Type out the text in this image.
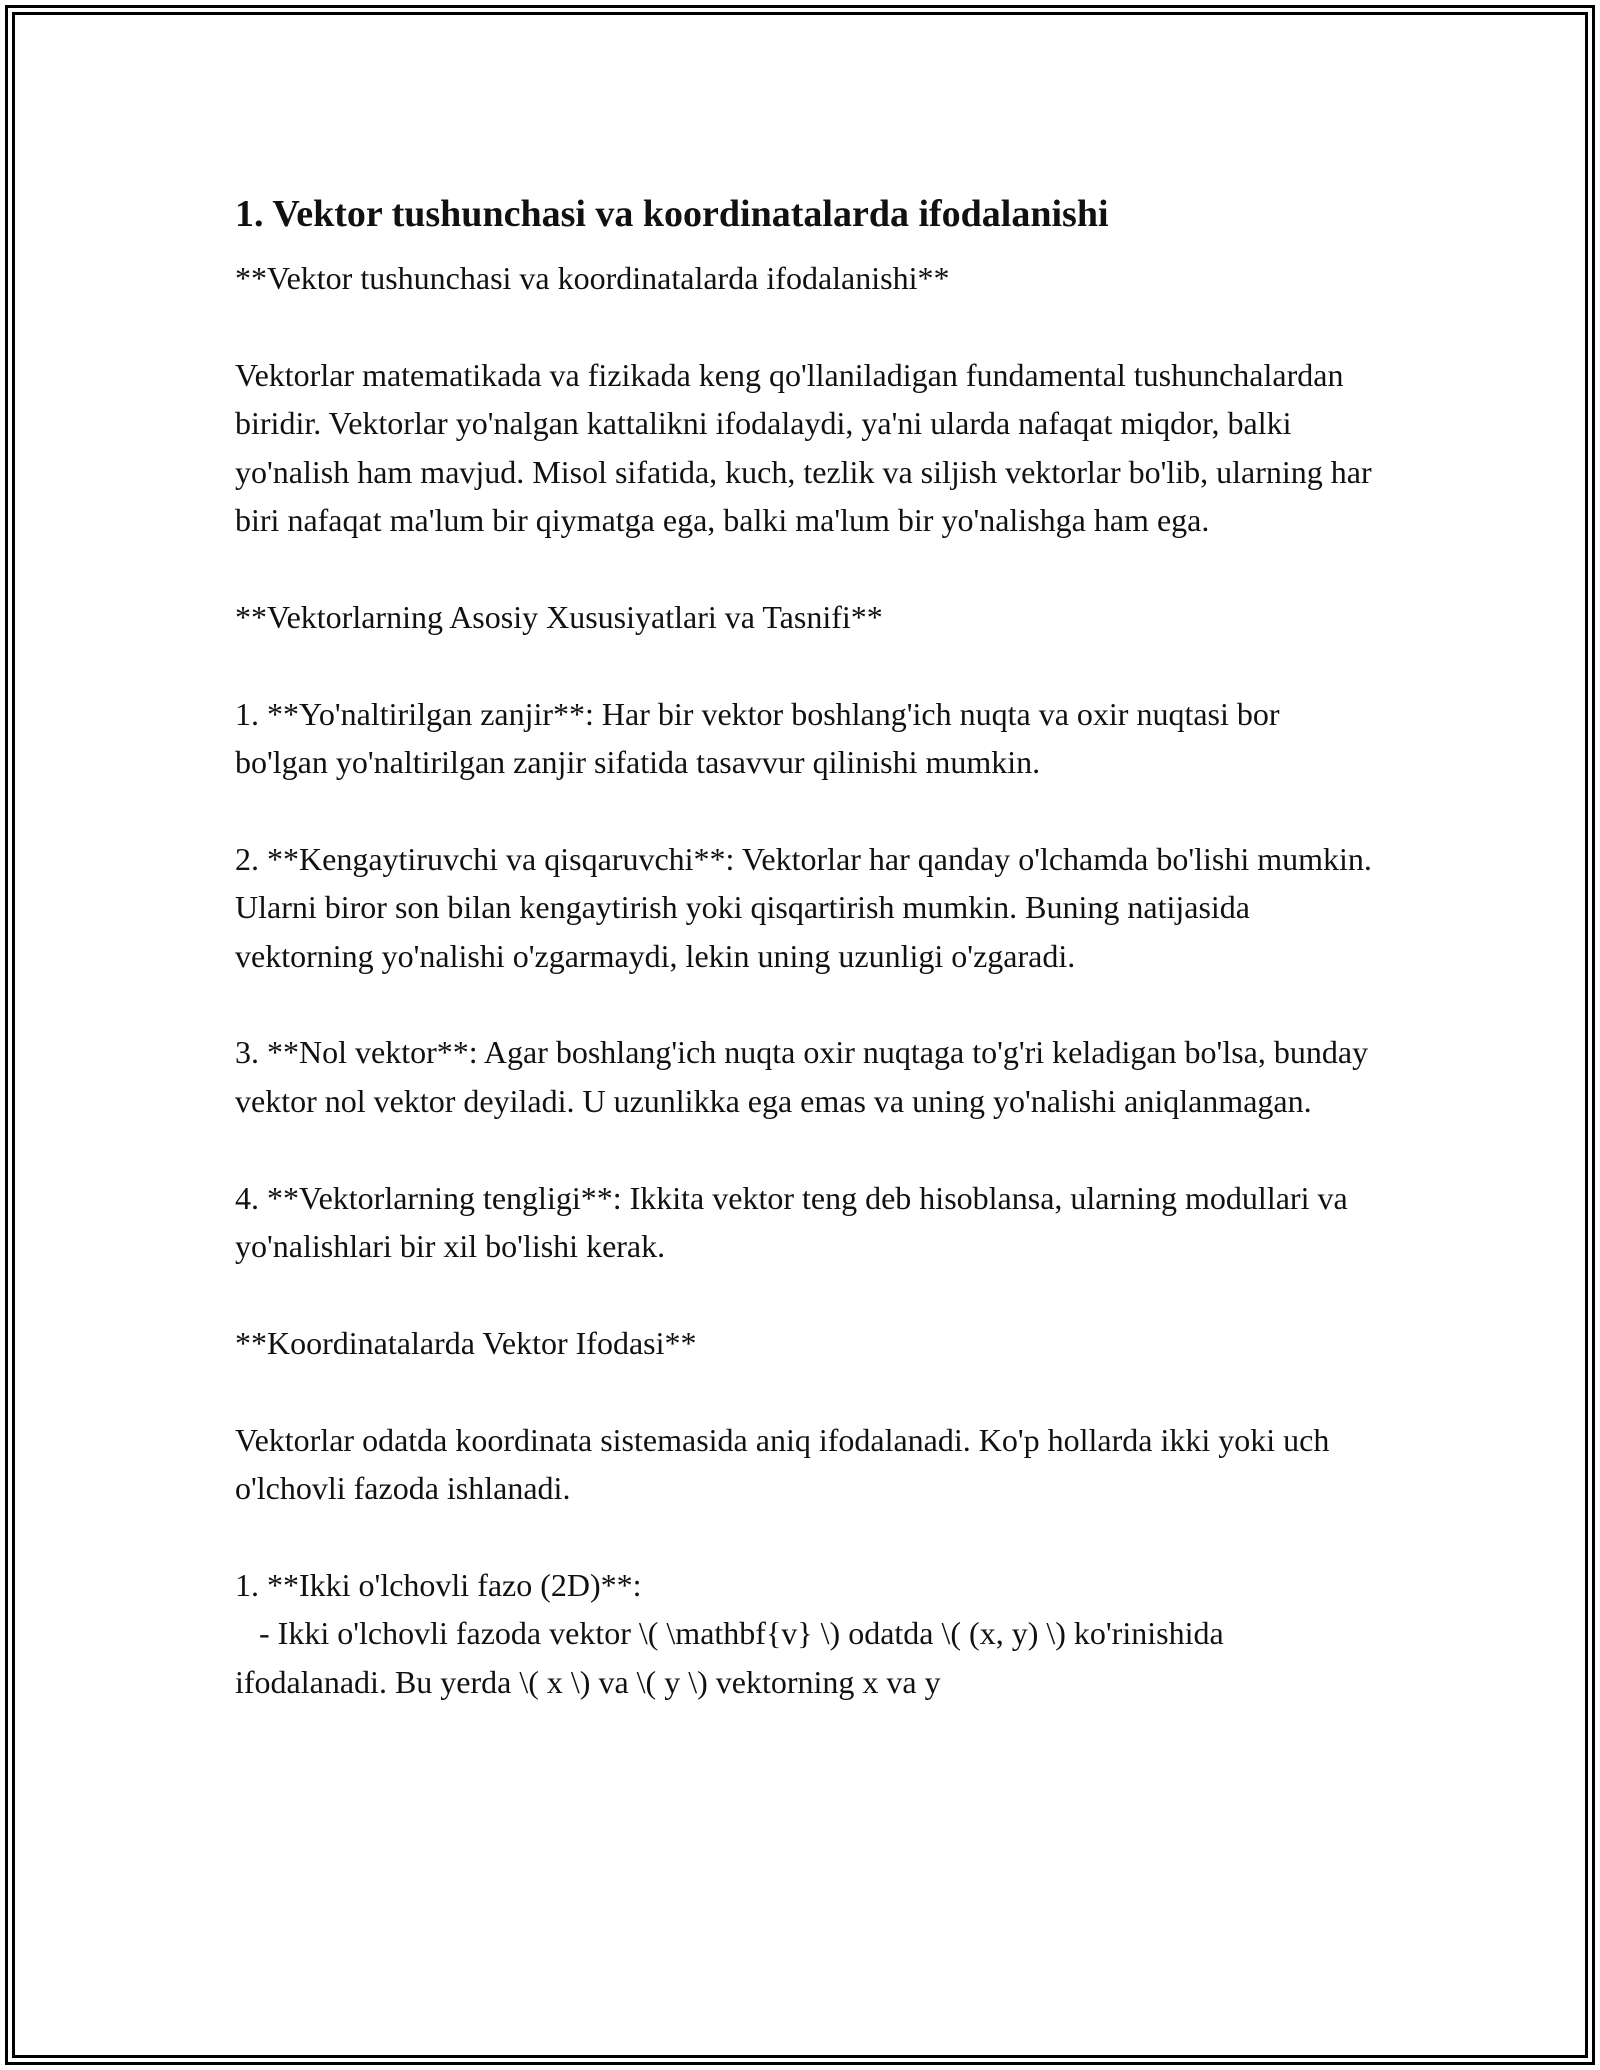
1. Vektor tushunchasi va koordinatalarda ifodalanishi
**Vektor tushunchasi va koordinatalarda ifodalanishi**
Vektorlar matematikada va fizikada keng qo'llaniladigan fundamental tushunchalardan biridir. Vektorlar yo'nalgan kattalikni ifodalaydi, ya'ni ularda nafaqat miqdor, balki yo'nalish ham mavjud. Misol sifatida, kuch, tezlik va siljish vektorlar bo'lib, ularning har biri nafaqat ma'lum bir qiymatga ega, balki ma'lum bir yo'nalishga ham ega.
**Vektorlarning Asosiy Xususiyatlari va Tasnifi**
1. **Yo'naltirilgan zanjir**: Har bir vektor boshlang'ich nuqta va oxir nuqtasi bor bo'lgan yo'naltirilgan zanjir sifatida tasavvur qilinishi mumkin.
2. **Kengaytiruvchi va qisqaruvchi**: Vektorlar har qanday o'lchamda bo'lishi mumkin. Ularni biror son bilan kengaytirish yoki qisqartirish mumkin. Buning natijasida vektorning yo'nalishi o'zgarmaydi, lekin uning uzunligi o'zgaradi.
3. **Nol vektor**: Agar boshlang'ich nuqta oxir nuqtaga to'g'ri keladigan bo'lsa, bunday vektor nol vektor deyiladi. U uzunlikka ega emas va uning yo'nalishi aniqlanmagan.
4. **Vektorlarning tengligi**: Ikkita vektor teng deb hisoblansa, ularning modullari va yo'nalishlari bir xil bo'lishi kerak.
**Koordinatalarda Vektor Ifodasi**
Vektorlar odatda koordinata sistemasida aniq ifodalanadi. Ko'p hollarda ikki yoki uch o'lchovli fazoda ishlanadi.
1. **Ikki o'lchovli fazo (2D)**:
- Ikki o'lchovli fazoda vektor \( \mathbf{v} \) odatda \( (x, y) \) ko'rinishida ifodalanadi. Bu yerda \( x \) va \( y \) vektorning x va y
